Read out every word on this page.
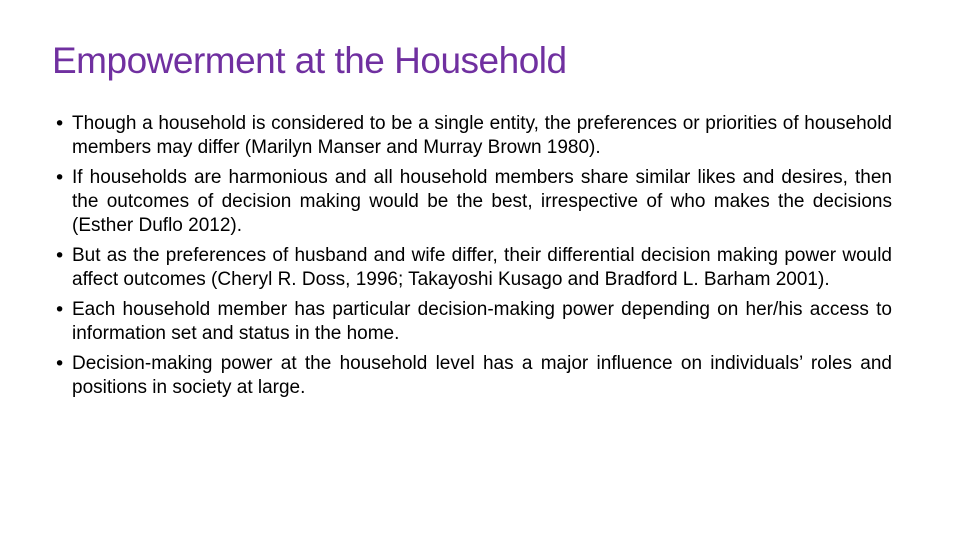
Empowerment at the Household
• Though a household is considered to be a single entity, the preferences or priorities of household members may differ (Marilyn Manser and Murray Brown 1980).
• If households are harmonious and all household members share similar likes and desires, then the outcomes of decision making would be the best, irrespective of who makes the decisions (Esther Duflo 2012).
• But as the preferences of husband and wife differ, their differential decision making power would affect outcomes (Cheryl R. Doss, 1996; Takayoshi Kusago and Bradford L. Barham 2001).
• Each household member has particular decision-making power depending on her/his access to information set and status in the home.
• Decision-making power at the household level has a major influence on individuals’ roles and positions in society at large.
